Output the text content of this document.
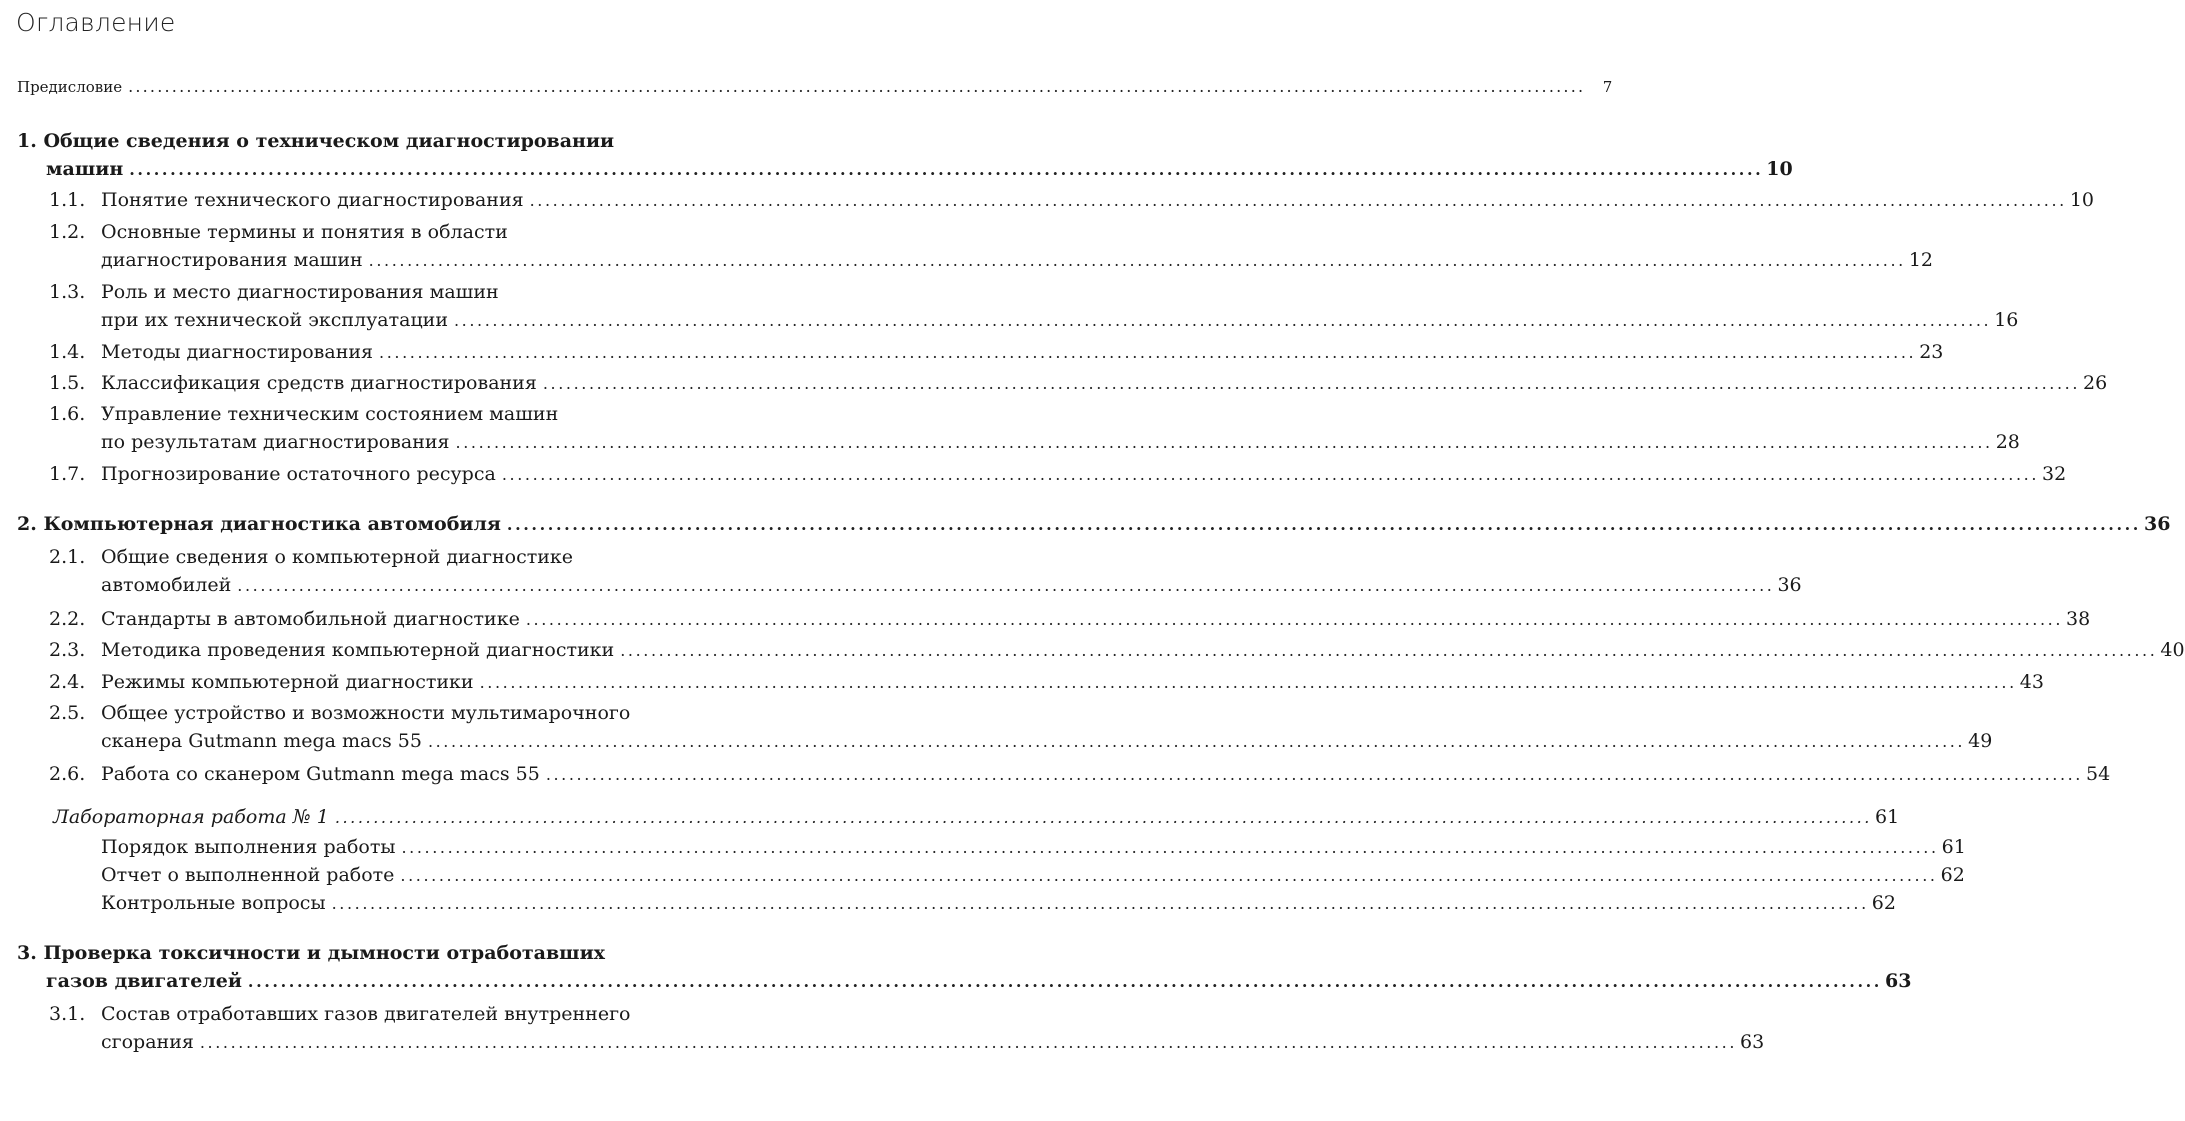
Оглавление
Предисловие ........................................................................................................................................................................................................	7
1. Общие сведения о техническом диагностировании
машин ........................................................................................................................................................................................................ 10
1.1. Понятие технического диагностирования ........................................................................................................................................................................................................ 10
1.2. Основные термины и понятия в области
диагностирования машин ........................................................................................................................................................................................................ 12
1.3. Роль и место диагностирования машин
при их технической эксплуатации ........................................................................................................................................................................................................ 16
1.4. Методы диагностирования ........................................................................................................................................................................................................ 23
1.5. Классификация средств диагностирования ........................................................................................................................................................................................................ 26
1.6. Управление техническим состоянием машин
по результатам диагностирования ........................................................................................................................................................................................................ 28
1.7. Прогнозирование остаточного ресурса ........................................................................................................................................................................................................ 32
2. Компьютерная диагностика автомобиля ........................................................................................................................................................................................................ 36
2.1. Общие сведения о компьютерной диагностике
автомобилей ........................................................................................................................................................................................................ 36
2.2. Стандарты в автомобильной диагностике ........................................................................................................................................................................................................ 38
2.3. Методика проведения компьютерной диагностики ........................................................................................................................................................................................................ 40
2.4. Режимы компьютерной диагностики ........................................................................................................................................................................................................ 43
2.5. Общее устройство и возможности мультимарочного
сканера Gutmann mega macs 55 ........................................................................................................................................................................................................ 49
2.6. Работа со сканером Gutmann mega macs 55 ........................................................................................................................................................................................................ 54
Лабораторная работа № 1 ........................................................................................................................................................................................................ 61
Порядок выполнения работы ........................................................................................................................................................................................................ 61
Отчет о выполненной работе ........................................................................................................................................................................................................ 62
Контрольные вопросы ........................................................................................................................................................................................................ 62
3. Проверка токсичности и дымности отработавших
газов двигателей ........................................................................................................................................................................................................ 63
3.1. Состав отработавших газов двигателей внутреннего
сгорания ........................................................................................................................................................................................................ 63
